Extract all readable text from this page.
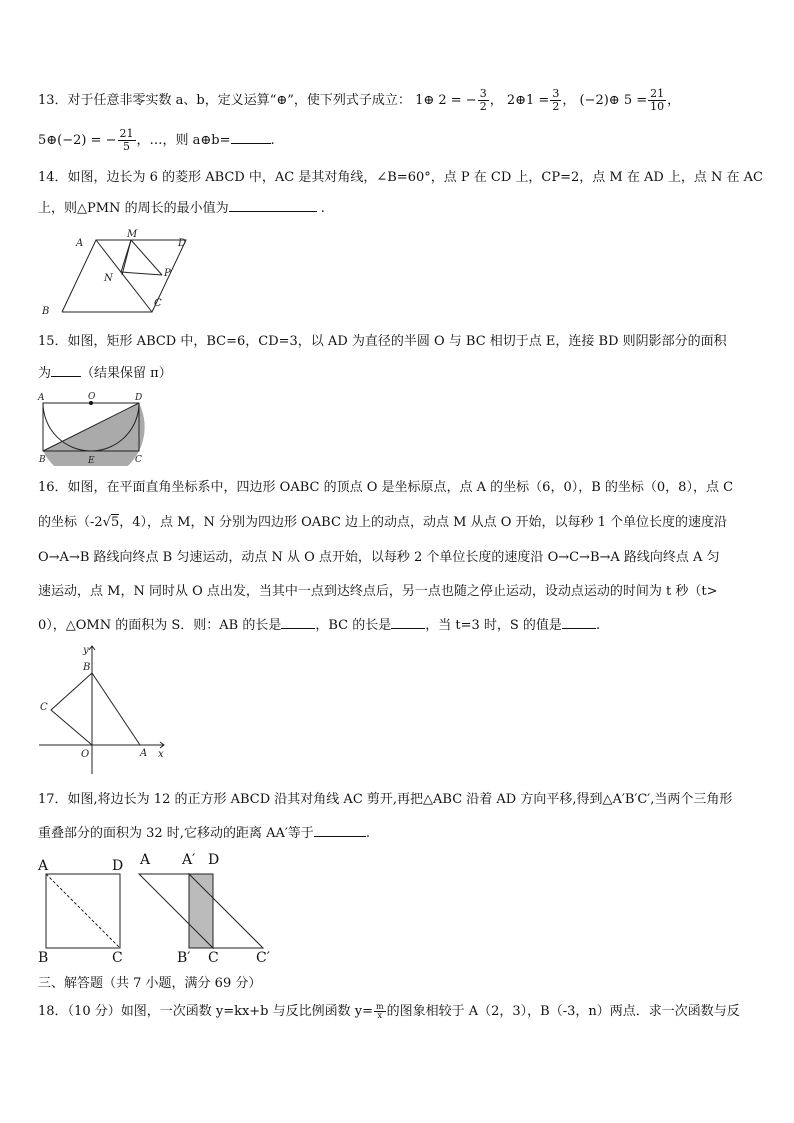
13．对于任意非零实数 a、b，定义运算“⊕”，使下列式子成立： 1⊕ 2 = − $\frac{3}{2}$ ， 2⊕1 = $\frac{3}{2}$ ， (−2)⊕ $5 = \frac{21}{10}$ ，
5⊕(−2) = − $\frac{21}{5}$ ，…，则 a⊕b=	.
14．如图，边长为 6 的菱形 ABCD 中，AC 是其对角线，∠B=60°，点 P 在 CD 上，CP=2，点 M 在 AD 上，点 N 在 AC
上，则△PMN 的周长的最小值为	.
A
M
D
N	P
B
C
15．如图，矩形 ABCD 中，BC=6，CD=3，以 AD 为直径的半圆 O 与 BC 相切于点 E，连接 BD 则阴影部分的面积
为 （结果保留 π）
A	O	D
B	E	C
16．如图，在平面直角坐标系中，四边形 OABC 的顶点 O 是坐标原点，点 A 的坐标（6，0），B 的坐标（0，8），点 C
的坐标（-2√5，4），点 M，N 分别为四边形 OABC 边上的动点，动点 M 从点 O 开始，以每秒 1 个单位长度的速度沿
O→A→B 路线向终点 B 匀速运动，动点 N 从 O 点开始，以每秒 2 个单位长度的速度沿 O→C→B→A 路线向终点 A 匀
速运动，点 M，N 同时从 O 点出发，当其中一点到达终点后，另一点也随之停止运动，设动点运动的时间为 t 秒（t>
0），△OMN 的面积为 S．则：AB 的长是	，BC 的长是	，当 t=3 时，S 的值是	.
y
B
C
O	A x
17．如图,将边长为 12 的正方形 ABCD 沿其对角线 AC 剪开,再把△ABC 沿着 AD 方向平移,得到△A′B′C′,当两个三角形
重叠部分的面积为 32 时,它移动的距离 AA′等于	.
A	D
B	C
A A′ D
B′ C	C′
三、解答题（共 7 小题，满分 69 分）
18．（10 分）如图，一次函数 y=kx+b 与反比例函数 $y= \frac{m}{x}$ 的图象相较于 A（2，3），B（-3，n）两点．求一次函数与反
